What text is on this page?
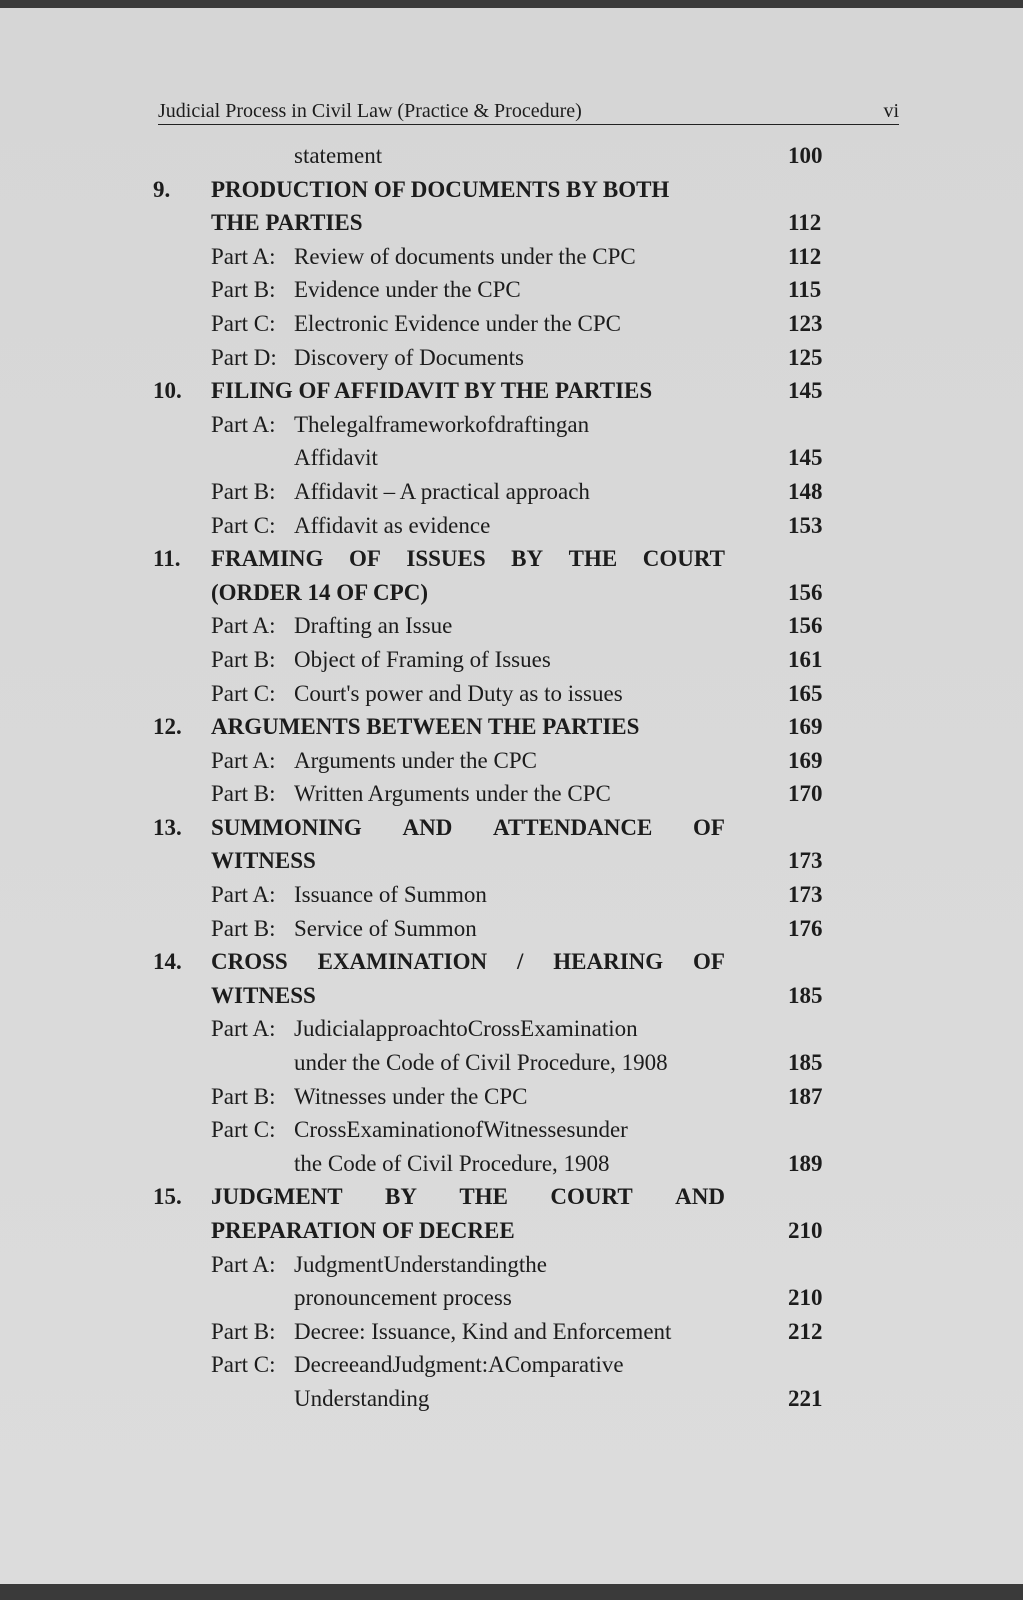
Judicial Process in Civil Law (Practice & Procedure)	vi
statement	100
9. PRODUCTION OF DOCUMENTS BY BOTH
THE PARTIES	112
Part A: Review of documents under the CPC	112
Part B: Evidence under the CPC	115
Part C: Electronic Evidence under the CPC	123
Part D: Discovery of Documents	125
10. FILING OF AFFIDAVIT BY THE PARTIES	145
Part A: The legal framework of drafting an
Affidavit	145
Part B: Affidavit – A practical approach	148
Part C: Affidavit as evidence	153
11. FRAMING OF ISSUES BY THE COURT
(ORDER 14 OF CPC)	156
Part A: Drafting an Issue	156
Part B: Object of Framing of Issues	161
Part C: Court's power and Duty as to issues	165
12. ARGUMENTS BETWEEN THE PARTIES	169
Part A: Arguments under the CPC	169
Part B: Written Arguments under the CPC	170
13. SUMMONING AND ATTENDANCE OF
WITNESS	173
Part A: Issuance of Summon	173
Part B: Service of Summon	176
14. CROSS EXAMINATION / HEARING OF
WITNESS	185
Part A: Judicial approach to Cross Examination
under the Code of Civil Procedure, 1908	185
Part B: Witnesses under the CPC	187
Part C: Cross Examination of Witnesses under
the Code of Civil Procedure, 1908	189
15. JUDGMENT BY THE COURT AND
PREPARATION OF DECREE	210
Part A: Judgment Understanding the
pronouncement process	210
Part B: Decree: Issuance, Kind and Enforcement	212
Part C: Decree and Judgment: A Comparative
Understanding	221
